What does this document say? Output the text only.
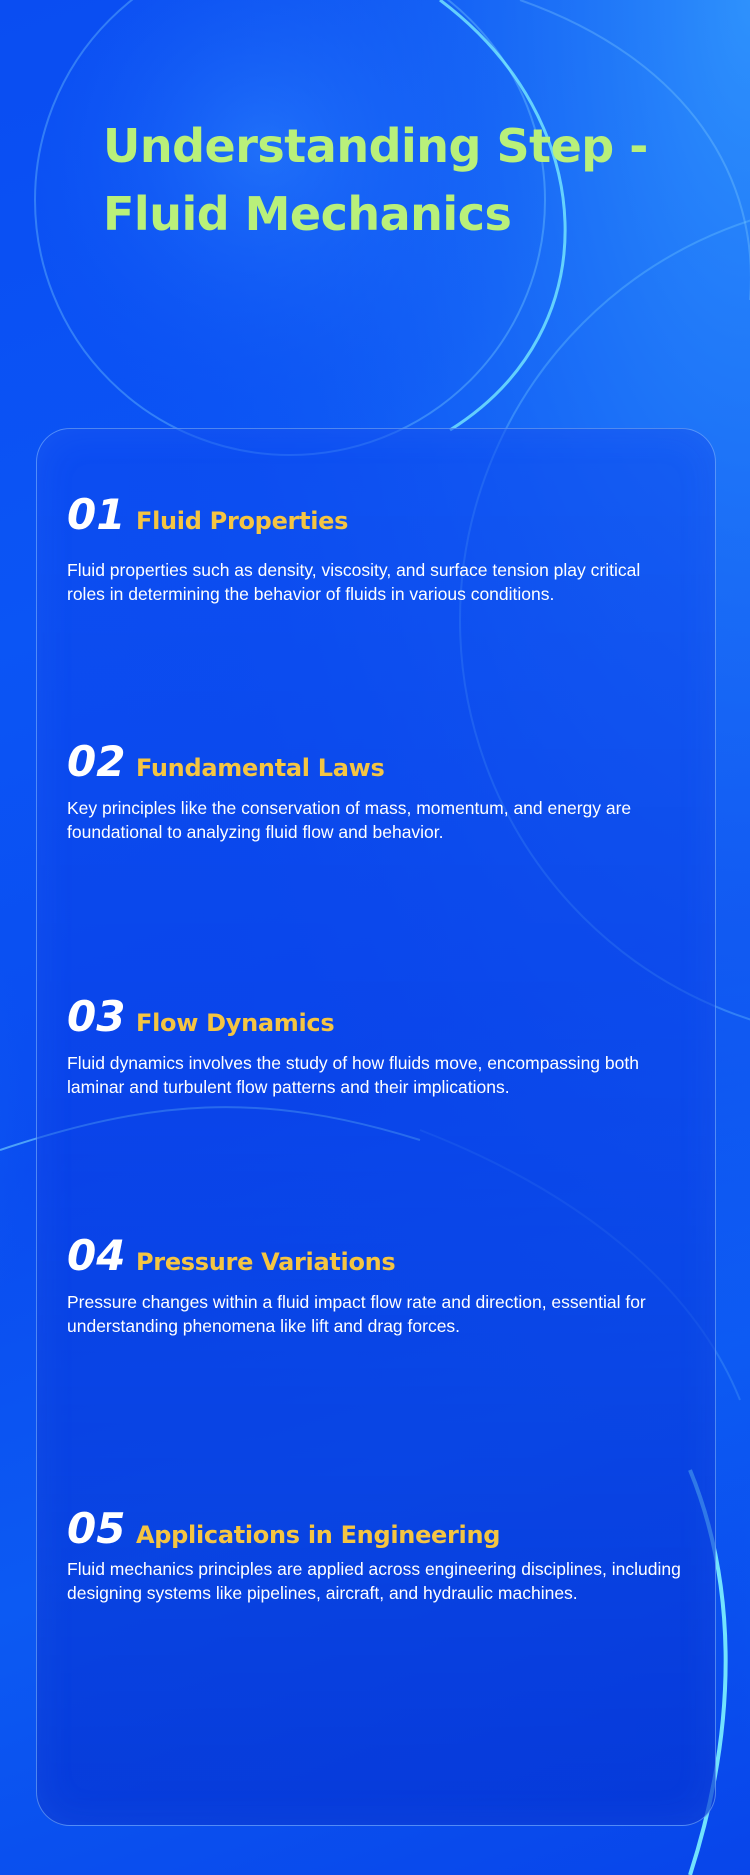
Understanding Step -
Fluid Mechanics
01 Fluid Properties

Fluid properties such as density, viscosity, and surface tension play critical roles in determining the behavior of fluids in various conditions.

02 Fundamental Laws

Key principles like the conservation of mass, momentum, and energy are foundational to analyzing fluid flow and behavior.

03 Flow Dynamics

Fluid dynamics involves the study of how fluids move, encompassing both laminar and turbulent flow patterns and their implications.

04 Pressure Variations

Pressure changes within a fluid impact flow rate and direction, essential for understanding phenomena like lift and drag forces.

05 Applications in Engineering

Fluid mechanics principles are applied across engineering disciplines, including designing systems like pipelines, aircraft, and hydraulic machines.
